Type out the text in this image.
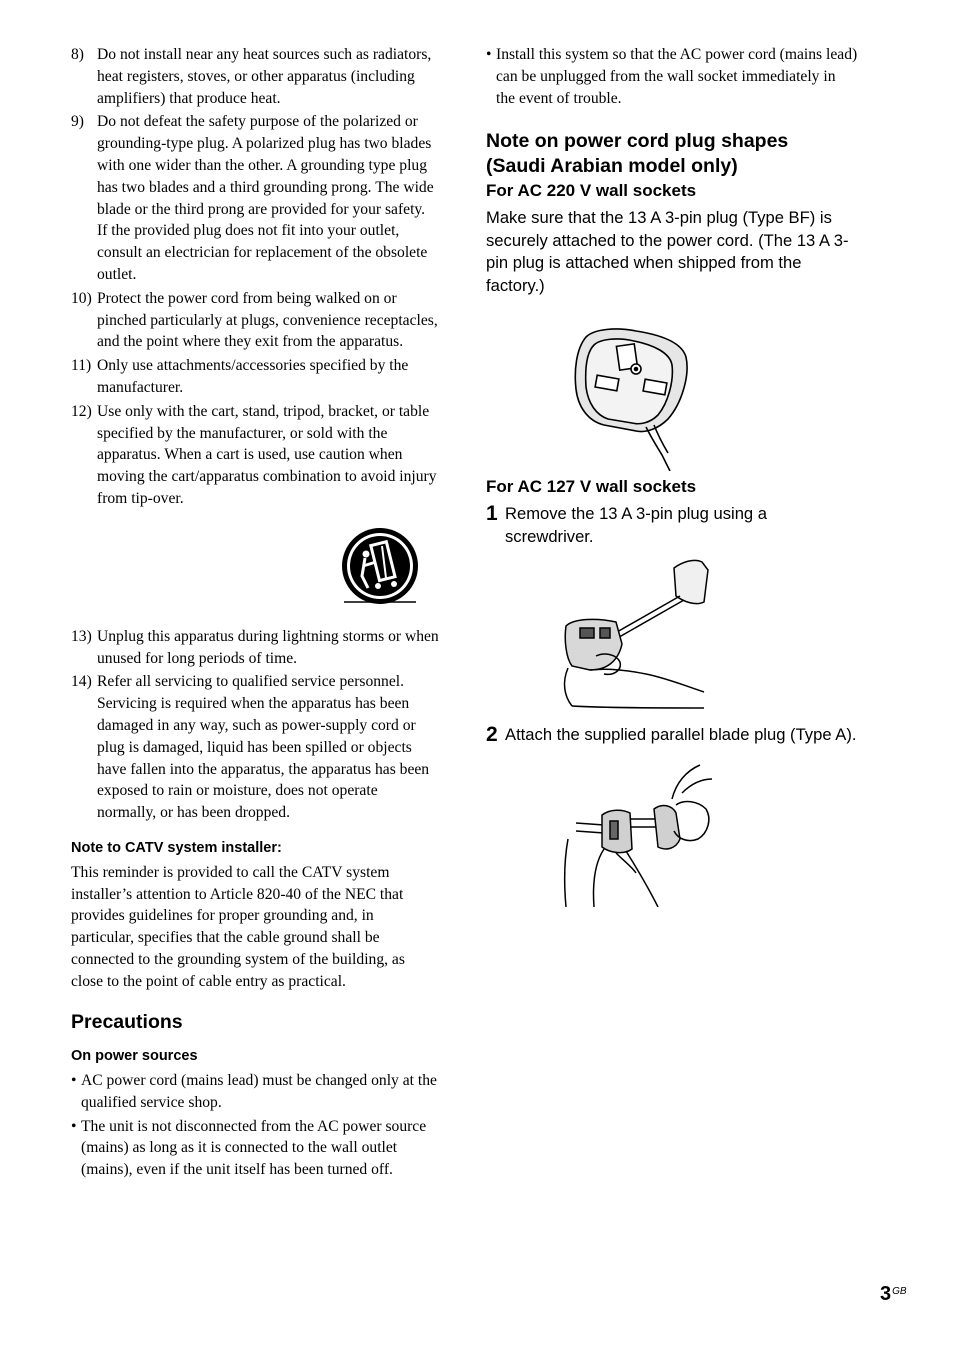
8) Do not install near any heat sources such as radiators, heat registers, stoves, or other apparatus (including amplifiers) that produce heat.
9) Do not defeat the safety purpose of the polarized or grounding-type plug. A polarized plug has two blades with one wider than the other. A grounding type plug has two blades and a third grounding prong. The wide blade or the third prong are provided for your safety. If the provided plug does not fit into your outlet, consult an electrician for replacement of the obsolete outlet.
10) Protect the power cord from being walked on or pinched particularly at plugs, convenience receptacles, and the point where they exit from the apparatus.
11) Only use attachments/accessories specified by the manufacturer.
12) Use only with the cart, stand, tripod, bracket, or table specified by the manufacturer, or sold with the apparatus. When a cart is used, use caution when moving the cart/apparatus combination to avoid injury from tip-over.
13) Unplug this apparatus during lightning storms or when unused for long periods of time.
14) Refer all servicing to qualified service personnel. Servicing is required when the apparatus has been damaged in any way, such as power-supply cord or plug is damaged, liquid has been spilled or objects have fallen into the apparatus, the apparatus has been exposed to rain or moisture, does not operate normally, or has been dropped.
Note to CATV system installer:
This reminder is provided to call the CATV system installer’s attention to Article 820-40 of the NEC that provides guidelines for proper grounding and, in particular, specifies that the cable ground shall be connected to the grounding system of the building, as close to the point of cable entry as practical.
Precautions
On power sources
• AC power cord (mains lead) must be changed only at the qualified service shop.
• The unit is not disconnected from the AC power source (mains) as long as it is connected to the wall outlet (mains), even if the unit itself has been turned off.
• Install this system so that the AC power cord (mains lead) can be unplugged from the wall socket immediately in the event of trouble.
Note on power cord plug shapes
(Saudi Arabian model only)
For AC 220 V wall sockets
Make sure that the 13 A 3-pin plug (Type BF) is securely attached to the power cord. (The 13 A 3-pin plug is attached when shipped from the factory.)
For AC 127 V wall sockets
1 Remove the 13 A 3-pin plug using a screwdriver.
2 Attach the supplied parallel blade plug (Type A).
$3^{GB}$
